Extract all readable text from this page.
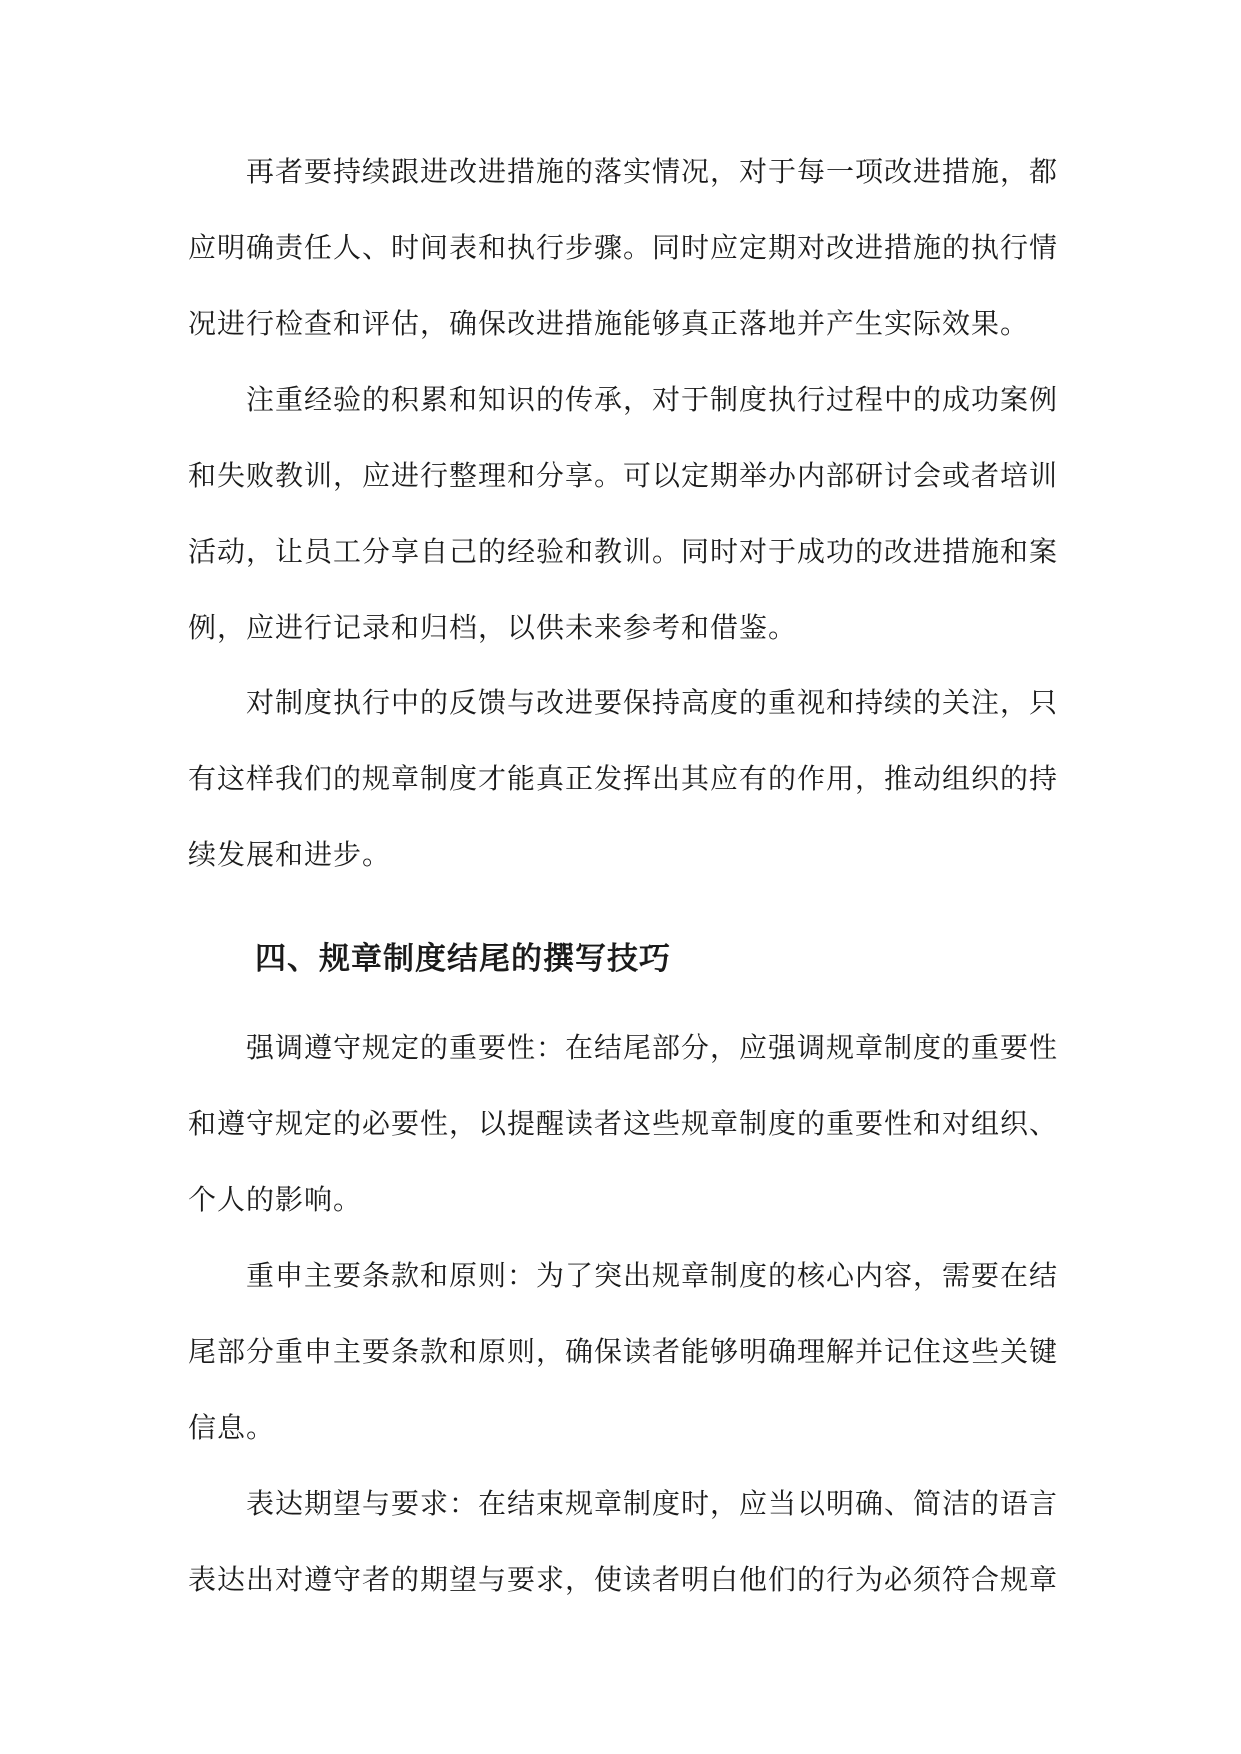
再者要持续跟进改进措施的落实情况，对于每一项改进措施，都应明确责任人、时间表和执行步骤。同时应定期对改进措施的执行情况进行检查和评估，确保改进措施能够真正落地并产生实际效果。

注重经验的积累和知识的传承，对于制度执行过程中的成功案例和失败教训，应进行整理和分享。可以定期举办内部研讨会或者培训活动，让员工分享自己的经验和教训。同时对于成功的改进措施和案例，应进行记录和归档，以供未来参考和借鉴。

对制度执行中的反馈与改进要保持高度的重视和持续的关注，只有这样我们的规章制度才能真正发挥出其应有的作用，推动组织的持续发展和进步。

四、规章制度结尾的撰写技巧

强调遵守规定的重要性：在结尾部分，应强调规章制度的重要性和遵守规定的必要性，以提醒读者这些规章制度的重要性和对组织、个人的影响。

重申主要条款和原则：为了突出规章制度的核心内容，需要在结尾部分重申主要条款和原则，确保读者能够明确理解并记住这些关键信息。

表达期望与要求：在结束规章制度时，应当以明确、简洁的语言表达出对遵守者的期望与要求，使读者明白他们的行为必须符合规章
